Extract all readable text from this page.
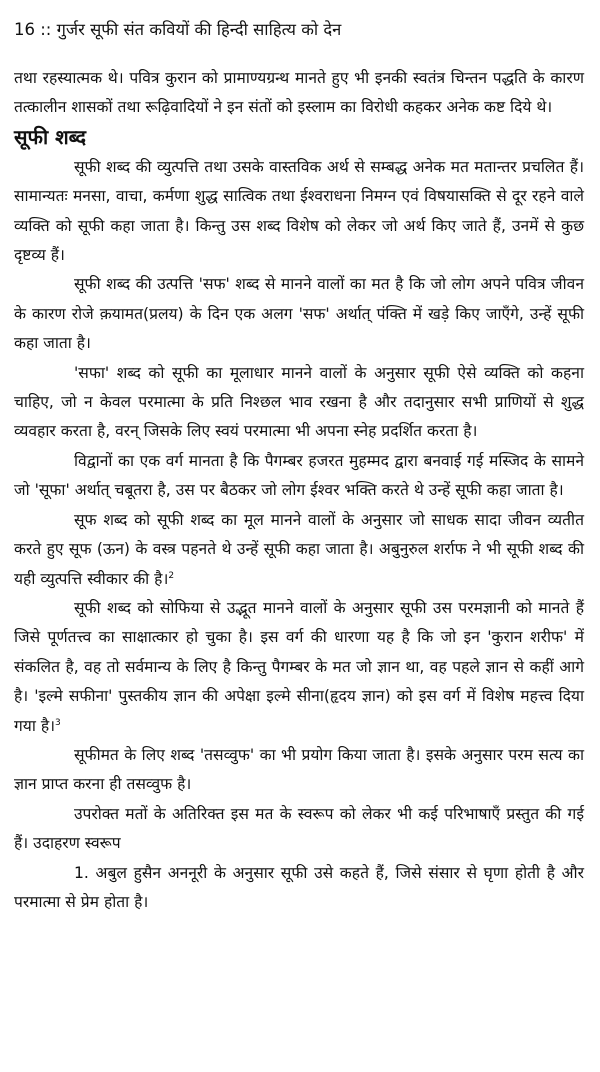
16 :: गुर्जर सूफी संत कवियों की हिन्दी साहित्य को देन

तथा रहस्यात्मक थे। पवित्र कुरान को प्रामाण्यग्रन्थ मानते हुए भी इनकी स्वतंत्र चिन्तन पद्धति के कारण तत्कालीन शासकों तथा रूढ़िवादियों ने इन संतों को इस्लाम का विरोधी कहकर अनेक कष्ट दिये थे।

सूफी शब्द

सूफी शब्द की व्युत्पत्ति तथा उसके वास्तविक अर्थ से सम्बद्ध अनेक मत मतान्तर प्रचलित हैं। सामान्यतः मनसा, वाचा, कर्मणा शुद्ध सात्विक तथा ईश्वराधना निमग्न एवं विषयासक्ति से दूर रहने वाले व्यक्ति को सूफी कहा जाता है। किन्तु उस शब्द विशेष को लेकर जो अर्थ किए जाते हैं, उनमें से कुछ दृष्टव्य हैं।

सूफी शब्द की उत्पत्ति 'सफ' शब्द से मानने वालों का मत है कि जो लोग अपने पवित्र जीवन के कारण रोजे क़यामत(प्रलय) के दिन एक अलग 'सफ' अर्थात् पंक्ति में खड़े किए जाएँगे, उन्हें सूफी कहा जाता है।

'सफा' शब्द को सूफी का मूलाधार मानने वालों के अनुसार सूफी ऐसे व्यक्ति को कहना चाहिए, जो न केवल परमात्मा के प्रति निश्छल भाव रखना है और तदानुसार सभी प्राणियों से शुद्ध व्यवहार करता है, वरन् जिसके लिए स्वयं परमात्मा भी अपना स्नेह प्रदर्शित करता है।

विद्वानों का एक वर्ग मानता है कि पैगम्बर हजरत मुहम्मद द्वारा बनवाई गई मस्जिद के सामने जो 'सूफा' अर्थात् चबूतरा है, उस पर बैठकर जो लोग ईश्वर भक्ति करते थे उन्हें सूफी कहा जाता है।

सूफ शब्द को सूफी शब्द का मूल मानने वालों के अनुसार जो साधक सादा जीवन व्यतीत करते हुए सूफ (ऊन) के वस्त्र पहनते थे उन्हें सूफी कहा जाता है। अबुनुरुल शर्राफ ने भी सूफी शब्द की यही व्युत्पत्ति स्वीकार की है।$^2$

सूफी शब्द को सोफिया से उद्भूत मानने वालों के अनुसार सूफी उस परमज्ञानी को मानते हैं जिसे पूर्णतत्त्व का साक्षात्कार हो चुका है। इस वर्ग की धारणा यह है कि जो इन 'कुरान शरीफ' में संकलित है, वह तो सर्वमान्य के लिए है किन्तु पैगम्बर के मत जो ज्ञान था, वह पहले ज्ञान से कहीं आगे है। 'इल्मे सफीना' पुस्तकीय ज्ञान की अपेक्षा इल्मे सीना(हृदय ज्ञान) को इस वर्ग में विशेष महत्त्व दिया गया है।$^3$

सूफीमत के लिए शब्द 'तसव्वुफ' का भी प्रयोग किया जाता है। इसके अनुसार परम सत्य का ज्ञान प्राप्त करना ही तसव्वुफ है।

उपरोक्त मतों के अतिरिक्त इस मत के स्वरूप को लेकर भी कई परिभाषाएँ प्रस्तुत की गई हैं। उदाहरण स्वरूप

1. अबुल हुसैन अननूरी के अनुसार सूफी उसे कहते हैं, जिसे संसार से घृणा होती है और परमात्मा से प्रेम होता है।
